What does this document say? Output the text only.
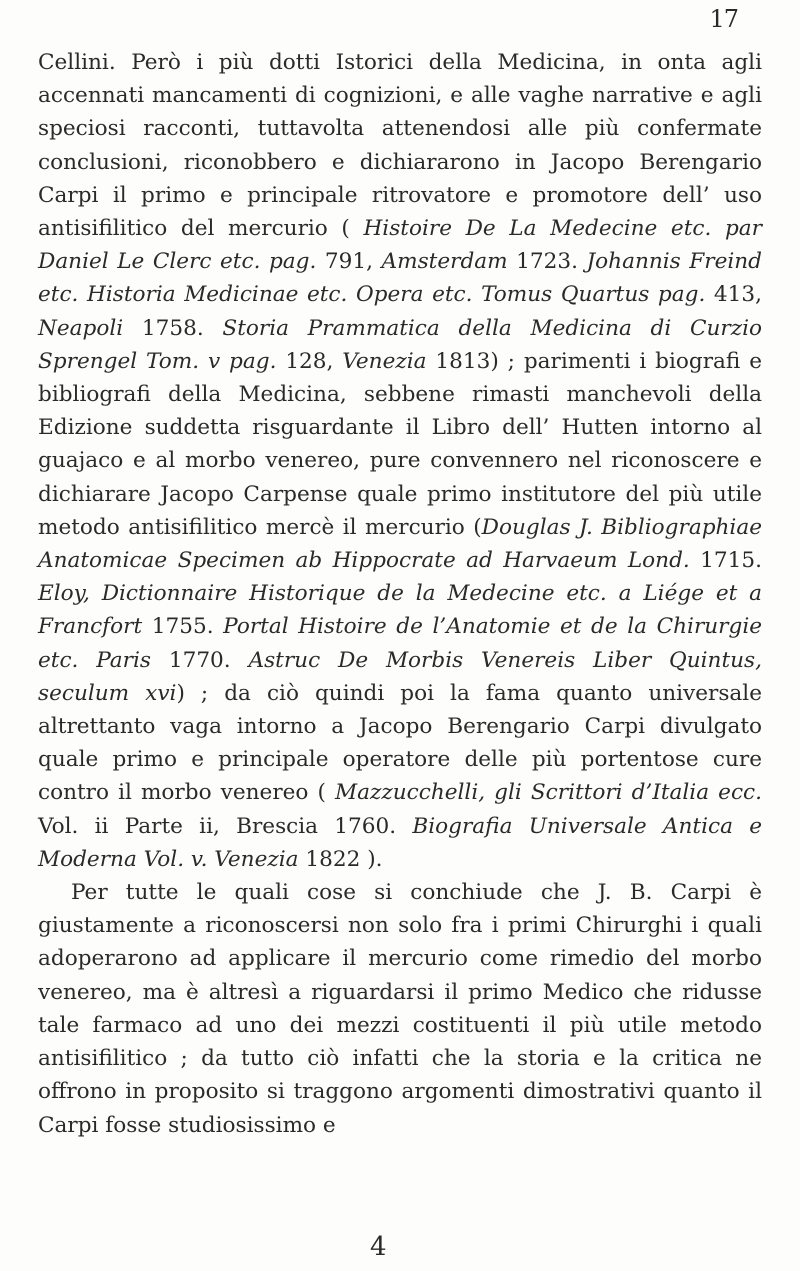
17

Cellini. Però i più dotti Istorici della Medicina, in onta agli accennati mancamenti di cognizioni, e alle vaghe narrative e agli speciosi racconti, tuttavolta attenendosi alle più confermate conclusioni, riconobbero e dichiararono in Jacopo Berengario Carpi il primo e principale ritrovatore e promotore dell’ uso antisifilitico del mercurio ( Histoire De La Medecine etc. par Daniel Le Clerc etc. pag. 791, Amsterdam 1723. Johannis Freind etc. Historia Medicinae etc. Opera etc. Tomus Quartus pag. 413, Neapoli 1758. Storia Prammatica della Medicina di Curzio Sprengel Tom. v pag. 128, Venezia 1813) ; parimenti i biografi e bibliografi della Medicina, sebbene rimasti manchevoli della Edizione suddetta risguardante il Libro dell’ Hutten intorno al guajaco e al morbo venereo, pure convennero nel riconoscere e dichiarare Jacopo Carpense quale primo institutore del più utile metodo antisifilitico mercè il mercurio (Douglas J. Bibliographiae Anatomicae Specimen ab Hippocrate ad Harvaeum Lond. 1715. Eloy, Dictionnaire Historique de la Medecine etc. a Liége et a Francfort 1755. Portal Histoire de l’Anatomie et de la Chirurgie etc. Paris 1770. Astruc De Morbis Venereis Liber Quintus, seculum xvi) ; da ciò quindi poi la fama quanto universale altrettanto vaga intorno a Jacopo Berengario Carpi divulgato quale primo e principale operatore delle più portentose cure contro il morbo venereo ( Mazzucchelli, gli Scrittori d’Italia ecc. Vol. ii Parte ii, Brescia 1760. Biografia Universale Antica e Moderna Vol. v. Venezia 1822 ).

Per tutte le quali cose si conchiude che J. B. Carpi è giustamente a riconoscersi non solo fra i primi Chirurghi i quali adoperarono ad applicare il mercurio come rimedio del morbo venereo, ma è altresì a riguardarsi il primo Medico che ridusse tale farmaco ad uno dei mezzi costituenti il più utile metodo antisifilitico ; da tutto ciò infatti che la storia e la critica ne offrono in proposito si traggono argomenti dimostrativi quanto il Carpi fosse studiosissimo e

4
